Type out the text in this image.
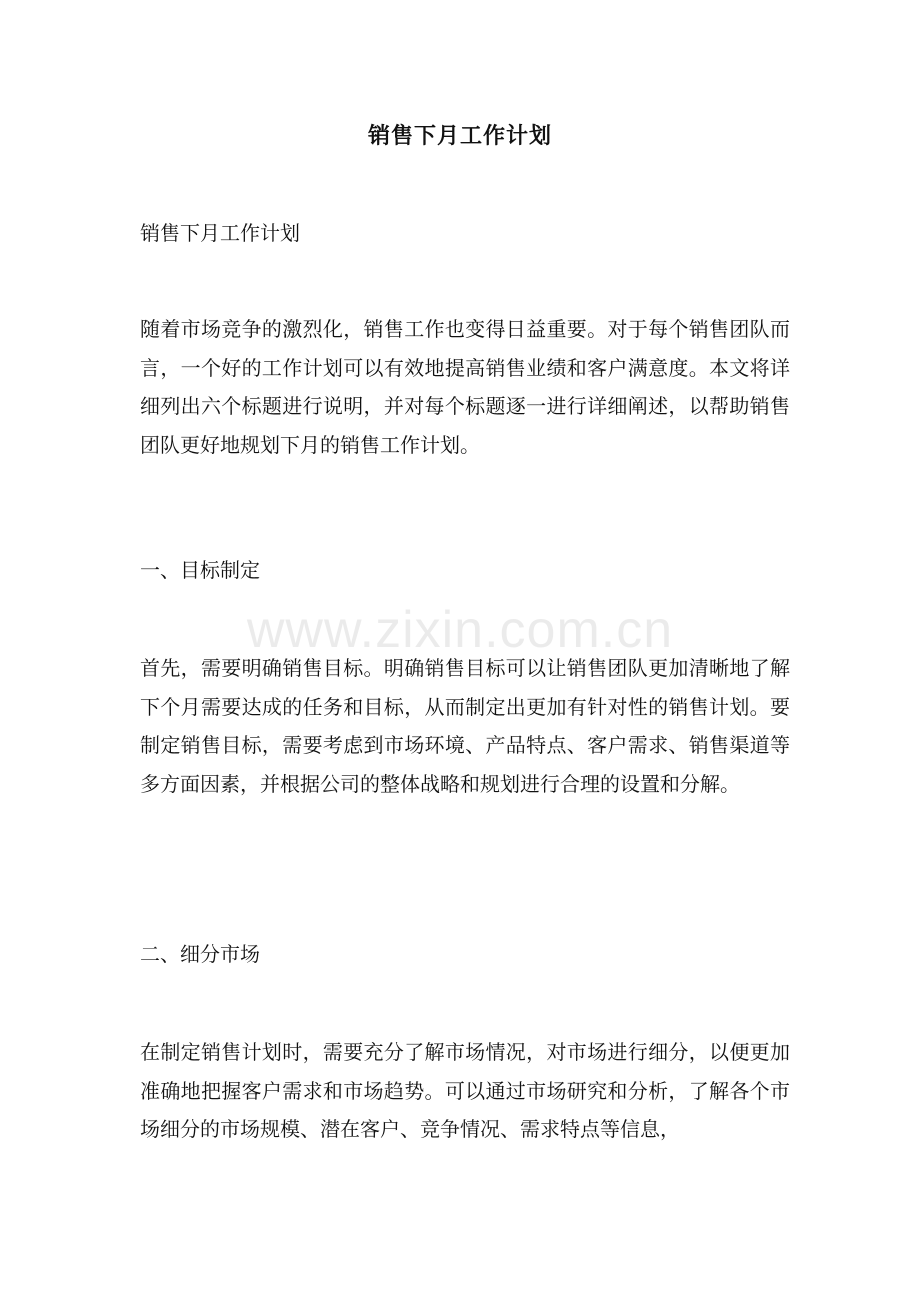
www.zixin.com.cn
销售下月工作计划
销售下月工作计划
随着市场竞争的激烈化，销售工作也变得日益重要。对于每个销售团队而言，一个好的工作计划可以有效地提高销售业绩和客户满意度。本文将详细列出六个标题进行说明，并对每个标题逐一进行详细阐述，以帮助销售团队更好地规划下月的销售工作计划。
一、目标制定
首先，需要明确销售目标。明确销售目标可以让销售团队更加清晰地了解下个月需要达成的任务和目标，从而制定出更加有针对性的销售计划。要制定销售目标，需要考虑到市场环境、产品特点、客户需求、销售渠道等多方面因素，并根据公司的整体战略和规划进行合理的设置和分解。
二、细分市场
在制定销售计划时，需要充分了解市场情况，对市场进行细分，以便更加准确地把握客户需求和市场趋势。可以通过市场研究和分析，了解各个市场细分的市场规模、潜在客户、竞争情况、需求特点等信息，
